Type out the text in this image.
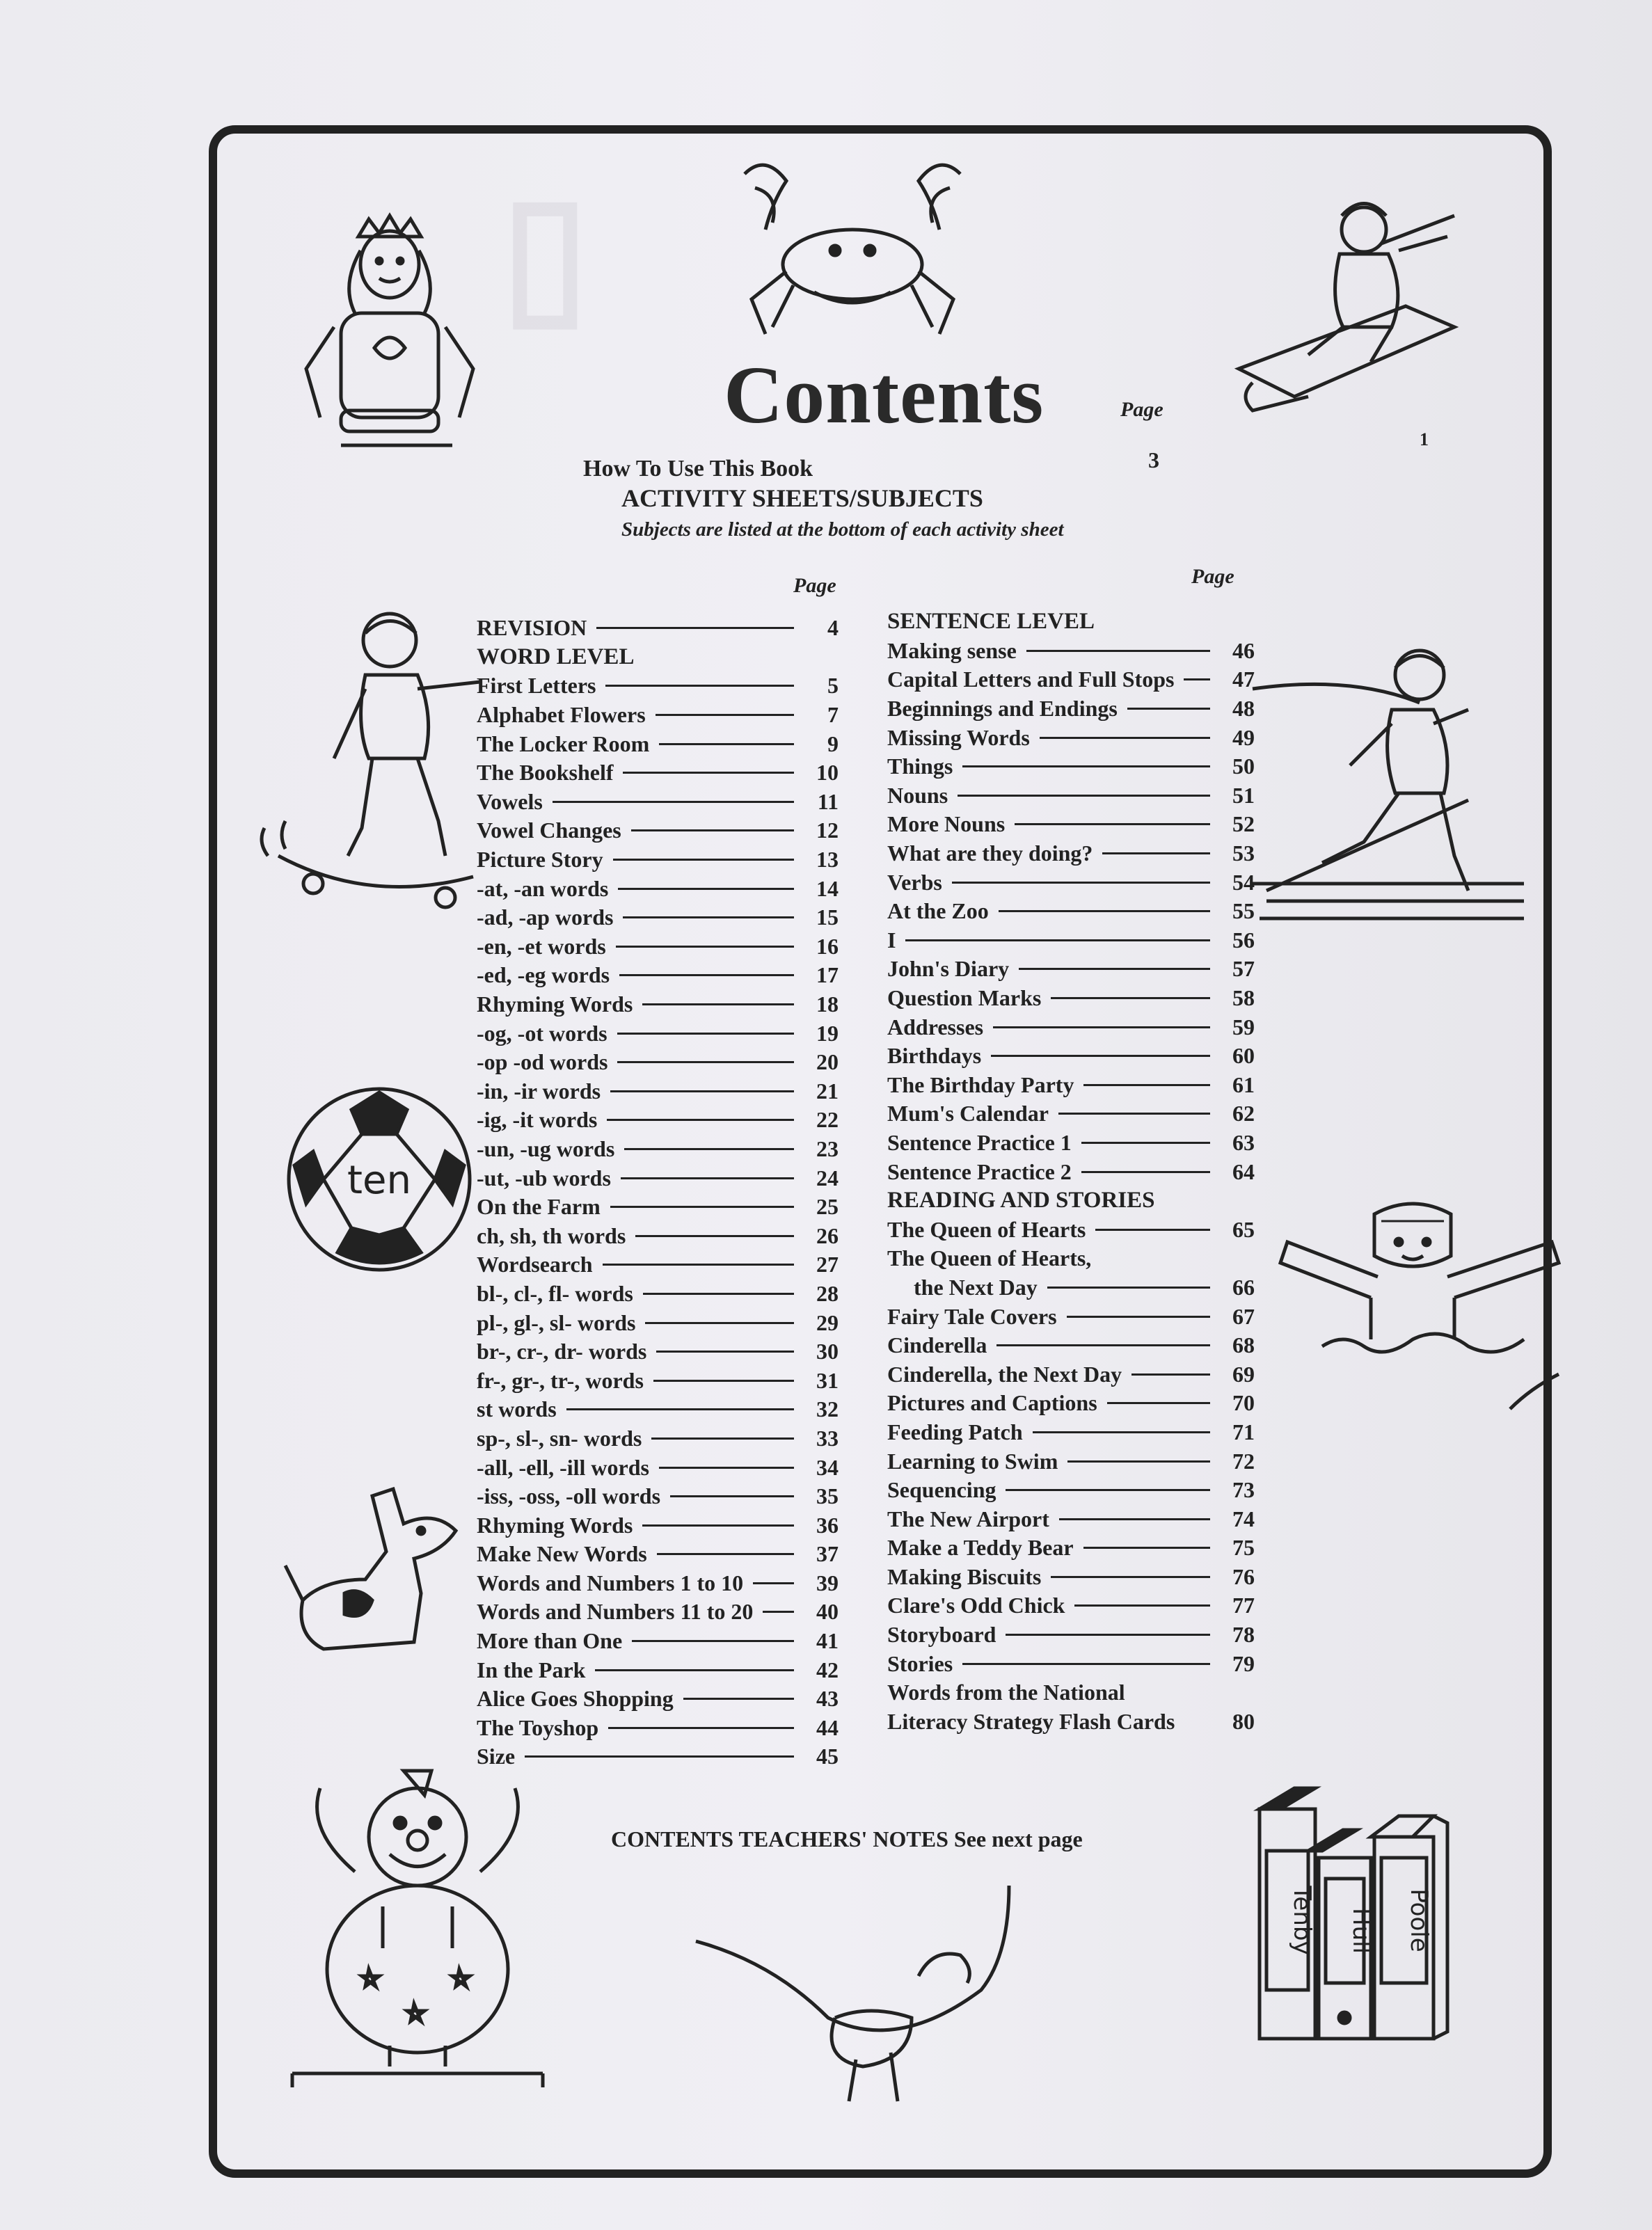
▯
Contents	Page
1
How To Use This Book	3
ACTIVITY SHEETS/SUBJECTS
Subjects are listed at the bottom of each activity sheet
Page	Page
REVISION	4
WORD LEVEL
First Letters	5
Alphabet Flowers	7
The Locker Room	9
The Bookshelf	10
Vowels	11
Vowel Changes	12
Picture Story	13
-at, -an words	14
-ad, -ap words	15
-en, -et words	16
-ed, -eg words	17
Rhyming Words	18
-og, -ot words	19
-op -od words	20
-in, -ir words	21
-ig, -it words	22
-un, -ug words	23
-ut, -ub words	24
On the Farm	25
ch, sh, th words	26
Wordsearch	27
bl-, cl-, fl- words	28
pl-, gl-, sl- words	29
br-, cr-, dr- words	30
fr-, gr-, tr-, words	31
st words	32
sp-, sl-, sn- words	33
-all, -ell, -ill words	34
-iss, -oss, -oll words	35
Rhyming Words	36
Make New Words	37
Words and Numbers 1 to 10	39
Words and Numbers 11 to 20	40
More than One	41
In the Park	42
Alice Goes Shopping	43
The Toyshop	44
Size	45
SENTENCE LEVEL
Making sense	46
Capital Letters and Full Stops	47
Beginnings and Endings	48
Missing Words	49
Things	50
Nouns	51
More Nouns	52
What are they doing?	53
Verbs	54
At the Zoo	55
I	56
John's Diary	57
Question Marks	58
Addresses	59
Birthdays	60
The Birthday Party	61
Mum's Calendar	62
Sentence Practice 1	63
Sentence Practice 2	64
READING AND STORIES
The Queen of Hearts	65
The Queen of Hearts,
the Next Day	66
Fairy Tale Covers	67
Cinderella	68
Cinderella, the Next Day	69
Pictures and Captions	70
Feeding Patch	71
Learning to Swim	72
Sequencing	73
The New Airport	74
Make a Teddy Bear	75
Making Biscuits	76
Clare's Odd Chick	77
Storyboard	78
Stories	79
Words from the National
Literacy Strategy Flash Cards	80
CONTENTS TEACHERS' NOTES See next page
ten
Tenby Hull Poole
